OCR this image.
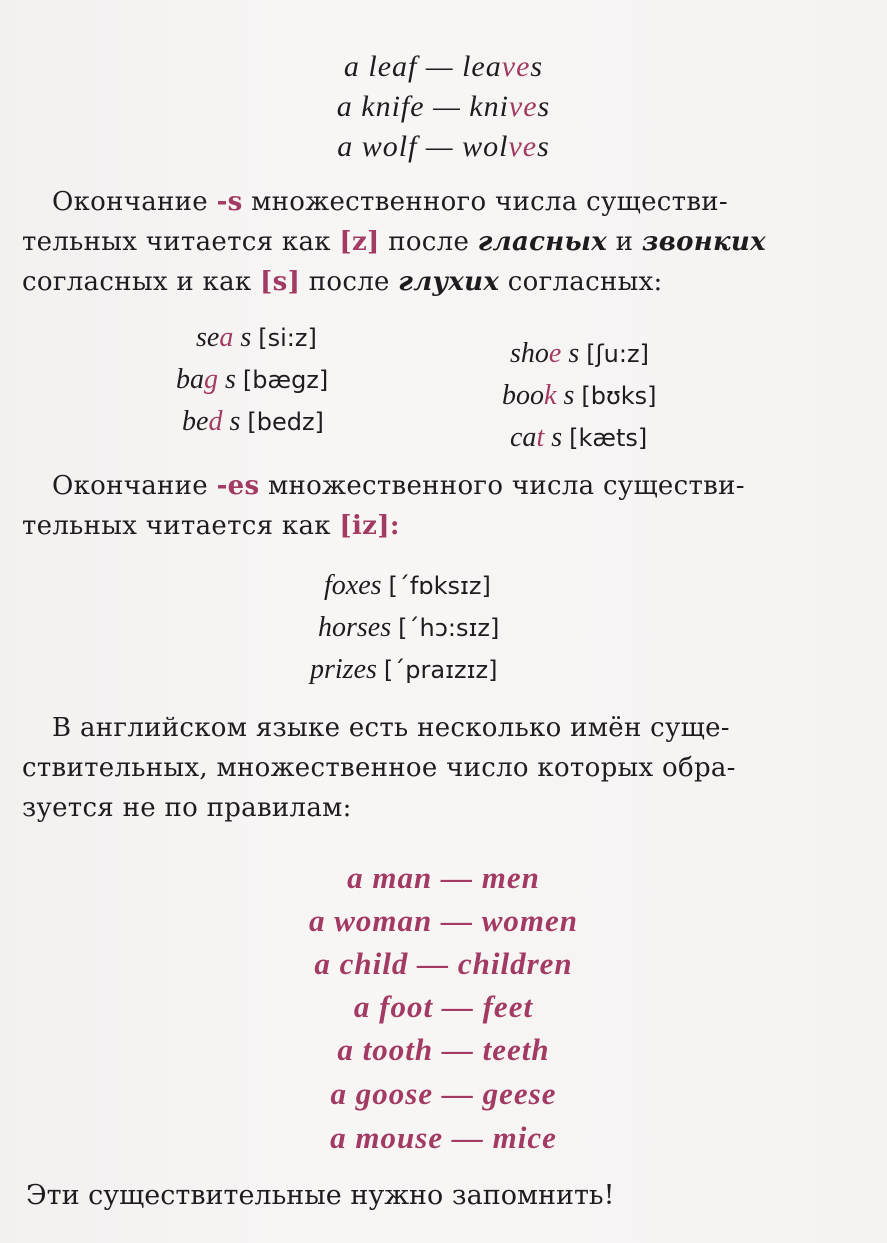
a leaf — leaves
a knife — knives
a wolf — wolves
Окончание -s множественного числа существи-
тельных читается как [z] после гласных и звонких
согласных и как [s] после глухих согласных:
sea s [si:z]
bag s [bægz]
bed s [bedz]
shoe s [ʃu:z]
book s [bʊks]
cat s [kæts]
Окончание -es множественного числа существи-
тельных читается как [iz]:
foxes [ˊfɒksɪz]
horses [ˊhɔ:sɪz]
prizes [ˊpraɪzɪz]
В английском языке есть несколько имён суще-
ствительных, множественное число которых обра-
зуется не по правилам:
a man — men
a woman — women
a child — children
a foot — feet
a tooth — teeth
a goose — geese
a mouse — mice
Эти существительные нужно запомнить!
